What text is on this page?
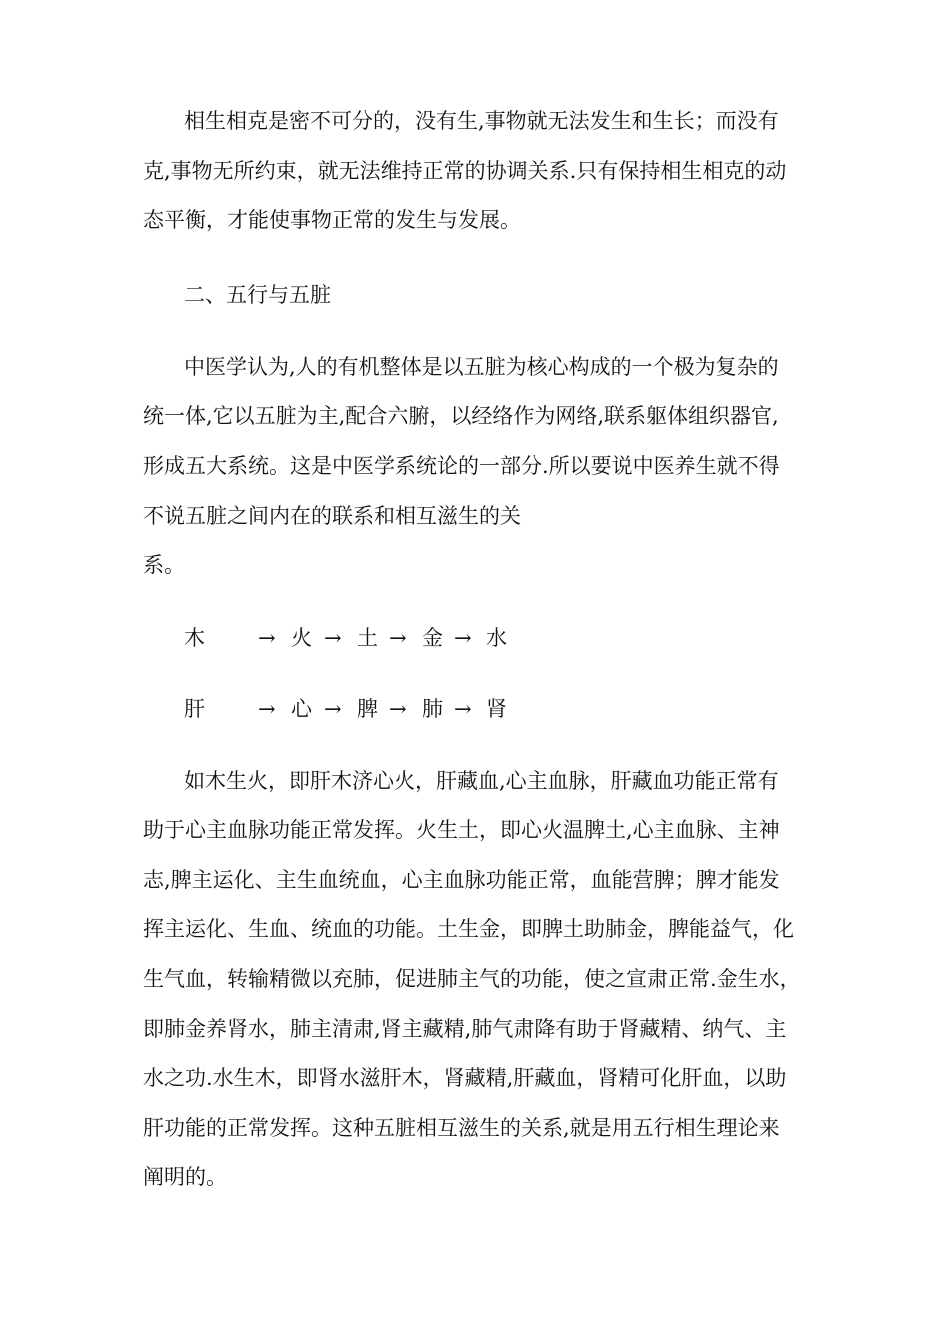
相生相克是密不可分的，没有生,事物就无法发生和生长；而没有
克,事物无所约束，就无法维持正常的协调关系.只有保持相生相克的动
态平衡，才能使事物正常的发生与发展。
二、五行与五脏
中医学认为,人的有机整体是以五脏为核心构成的一个极为复杂的
统一体,它以五脏为主,配合六腑，以经络作为网络,联系躯体组织器官,
形成五大系统。这是中医学系统论的一部分.所以要说中医养生就不得
不说五脏之间内在的联系和相互滋生的关
系。
木	→ 火 → 土 → 金 → 水
肝	→ 心 → 脾 → 肺 → 肾
如木生火，即肝木济心火，肝藏血,心主血脉，肝藏血功能正常有
助于心主血脉功能正常发挥。火生土，即心火温脾土,心主血脉、主神
志,脾主运化、主生血统血，心主血脉功能正常，血能营脾；脾才能发
挥主运化、生血、统血的功能。土生金，即脾土助肺金，脾能益气，化
生气血，转输精微以充肺，促进肺主气的功能，使之宣肃正常.金生水，
即肺金养肾水，肺主清肃,肾主藏精,肺气肃降有助于肾藏精、纳气、主
水之功.水生木，即肾水滋肝木，肾藏精,肝藏血，肾精可化肝血，以助
肝功能的正常发挥。这种五脏相互滋生的关系,就是用五行相生理论来
阐明的。
